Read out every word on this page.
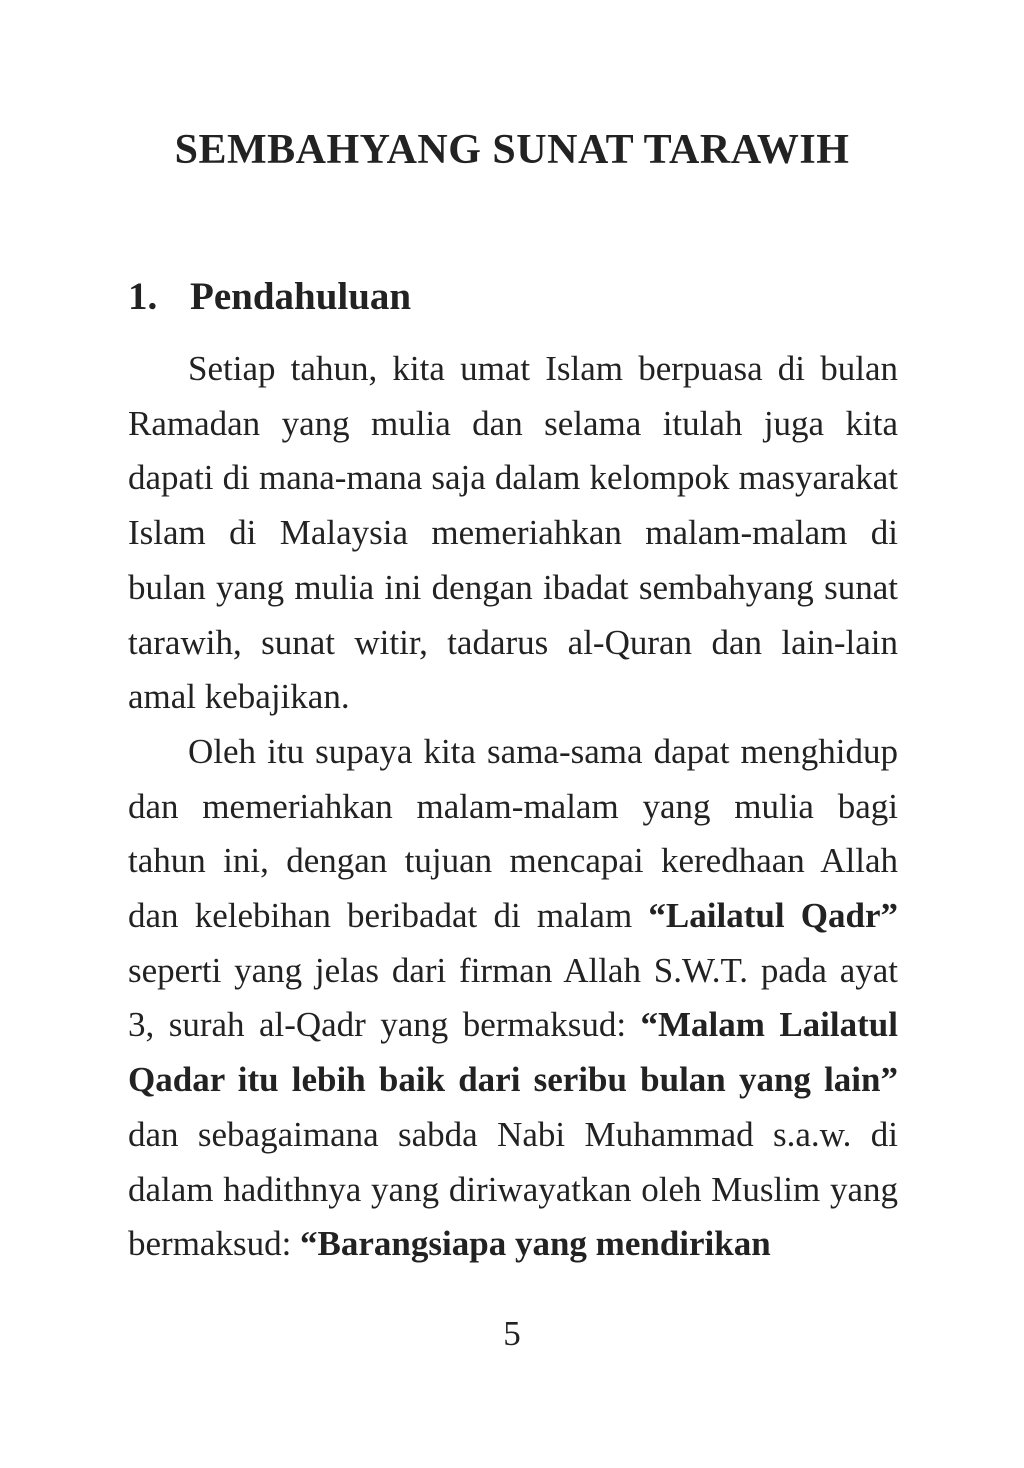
SEMBAHYANG SUNAT TARAWIH
1. Pendahuluan

Setiap tahun, kita umat Islam berpuasa di bulan Ramadan yang mulia dan selama itulah juga kita dapati di mana-mana saja dalam kelompok masyarakat Islam di Malaysia memeriahkan malam-malam di bulan yang mulia ini dengan ibadat sembahyang sunat tarawih, sunat witir, tadarus al-Quran dan lain-lain amal kebajikan.

Oleh itu supaya kita sama-sama dapat menghidup dan memeriahkan malam-malam yang mulia bagi tahun ini, dengan tujuan mencapai keredhaan Allah dan kelebihan beribadat di malam “Lailatul Qadr” seperti yang jelas dari firman Allah S.W.T. pada ayat 3, surah al-Qadr yang bermaksud: “Malam Lailatul Qadar itu lebih baik dari seribu bulan yang lain” dan sebagaimana sabda Nabi Muhammad s.a.w. di dalam hadithnya yang diriwayatkan oleh Muslim yang bermaksud: “Barangsiapa yang mendirikan

5
